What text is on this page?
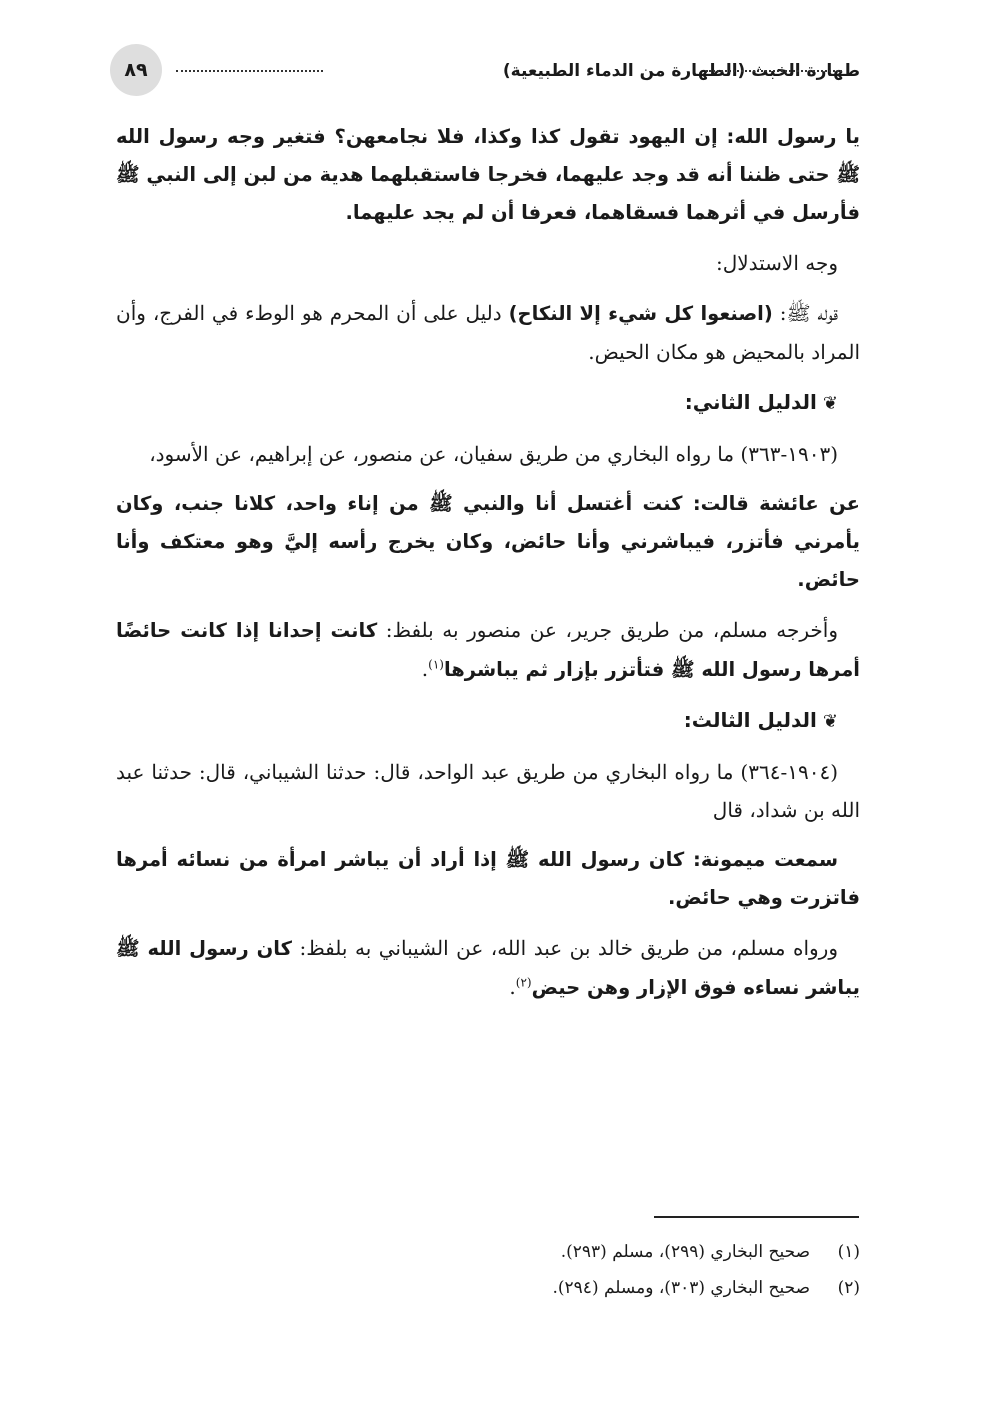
٨٩	طهارة الخبث (الطهارة من الدماء الطبيعية)

يا رسول الله: إن اليهود تقول كذا وكذا، فلا نجامعهن؟ فتغير وجه رسول الله ﷺ حتى ظننا أنه قد وجد عليهما، فخرجا فاستقبلهما هدية من لبن إلى النبي ﷺ فأرسل في أثرهما فسقاهما، فعرفا أن لم يجد عليهما.

وجه الاستدلال:

قوله ﷺ: (اصنعوا كل شيء إلا النكاح) دليل على أن المحرم هو الوطء في الفرج، وأن المراد بالمحيض هو مكان الحيض.

❦الدليل الثاني:

(١٩٠٣-٣٦٣) ما رواه البخاري من طريق سفيان، عن منصور، عن إبراهيم، عن الأسود،

عن عائشة قالت: كنت أغتسل أنا والنبي ﷺ من إناء واحد، كلانا جنب، وكان يأمرني فأتزر، فيباشرني وأنا حائض، وكان يخرج رأسه إليَّ وهو معتكف وأنا حائض.

وأخرجه مسلم، من طريق جرير، عن منصور به بلفظ: كانت إحدانا إذا كانت حائضًا أمرها رسول الله ﷺ فتأتزر بإزار ثم يباشرها$^{(١)}$.

❦الدليل الثالث:

(١٩٠٤-٣٦٤) ما رواه البخاري من طريق عبد الواحد، قال: حدثنا الشيباني، قال: حدثنا عبد الله بن شداد، قال

سمعت ميمونة: كان رسول الله ﷺ إذا أراد أن يباشر امرأة من نسائه أمرها فاتزرت وهي حائض.

ورواه مسلم، من طريق خالد بن عبد الله، عن الشيباني به بلفظ: كان رسول الله ﷺ يباشر نساءه فوق الإزار وهن حيض$^{(٢)}$.

(١)
صحيح البخاري (٢٩٩)، مسلم (٢٩٣).
(٢)
صحيح البخاري (٣٠٣)، ومسلم (٢٩٤).
